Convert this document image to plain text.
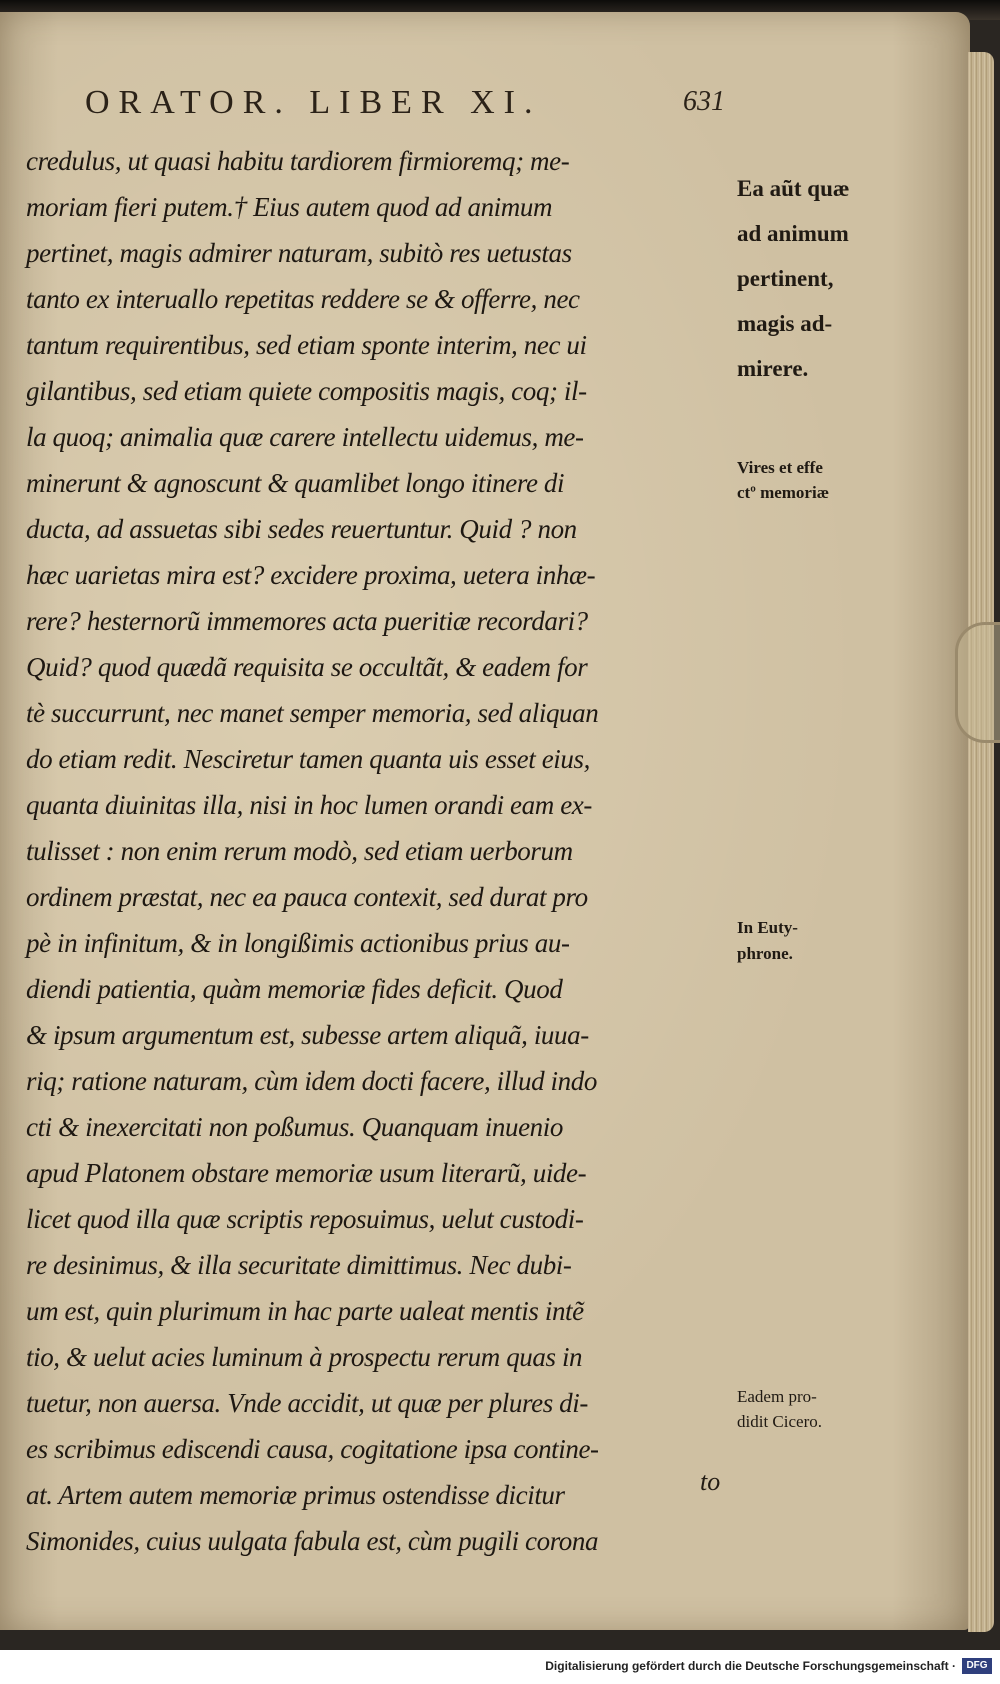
ORATOR. LIBER XI.	631
credulus, ut quasi habitu tardiorem firmioremq; me-
moriam fieri putem.† Eius autem quod ad animum
pertinet, magis admirer naturam, subitò res uetustas
tanto ex interuallo repetitas reddere se & offerre, nec
tantum requirentibus, sed etiam sponte interim, nec ui
gilantibus, sed etiam quiete compositis magis, coq; il-
la quoq; animalia quæ carere intellectu uidemus, me-
minerunt & agnoscunt & quamlibet longo itinere di
ducta, ad assuetas sibi sedes reuertuntur. Quid ? non
hæc uarietas mira est? excidere proxima, uetera inhæ-
rere? hesternorũ immemores acta pueritiæ recordari?
Quid? quod quædã requisita se occultãt, & eadem for
tè succurrunt, nec manet semper memoria, sed aliquan
do etiam redit. Nesciretur tamen quanta uis esset eius,
quanta diuinitas illa, nisi in hoc lumen orandi eam ex-
tulisset : non enim rerum modò, sed etiam uerborum
ordinem præstat, nec ea pauca contexit, sed durat pro
pè in infinitum, & in longißimis actionibus prius au-
diendi patientia, quàm memoriæ fides deficit. Quod
& ipsum argumentum est, subesse artem aliquã, iuua-
riq; ratione naturam, cùm idem docti facere, illud indo
cti & inexercitati non poßumus. Quanquam inuenio
apud Platonem obstare memoriæ usum literarũ, uide-
licet quod illa quæ scriptis reposuimus, uelut custodi-
re desinimus, & illa securitate dimittimus. Nec dubi-
um est, quin plurimum in hac parte ualeat mentis intẽ
tio, & uelut acies luminum à prospectu rerum quas in
tuetur, non auersa. Vnde accidit, ut quæ per plures di-
es scribimus ediscendi causa, cogitatione ipsa contine-
at. Artem autem memoriæ primus ostendisse dicitur
Simonides, cuius uulgata fabula est, cùm pugili corona
Ea aũt quæ
ad animum
pertinent,
magis ad-
mirere.
Vires et effe
ctº memoriæ
In Euty-
phrone.
Eadem pro-
didit Cicero.
to
Digitalisierung gefördert durch die Deutsche Forschungsgemeinschaft ·	DFG
